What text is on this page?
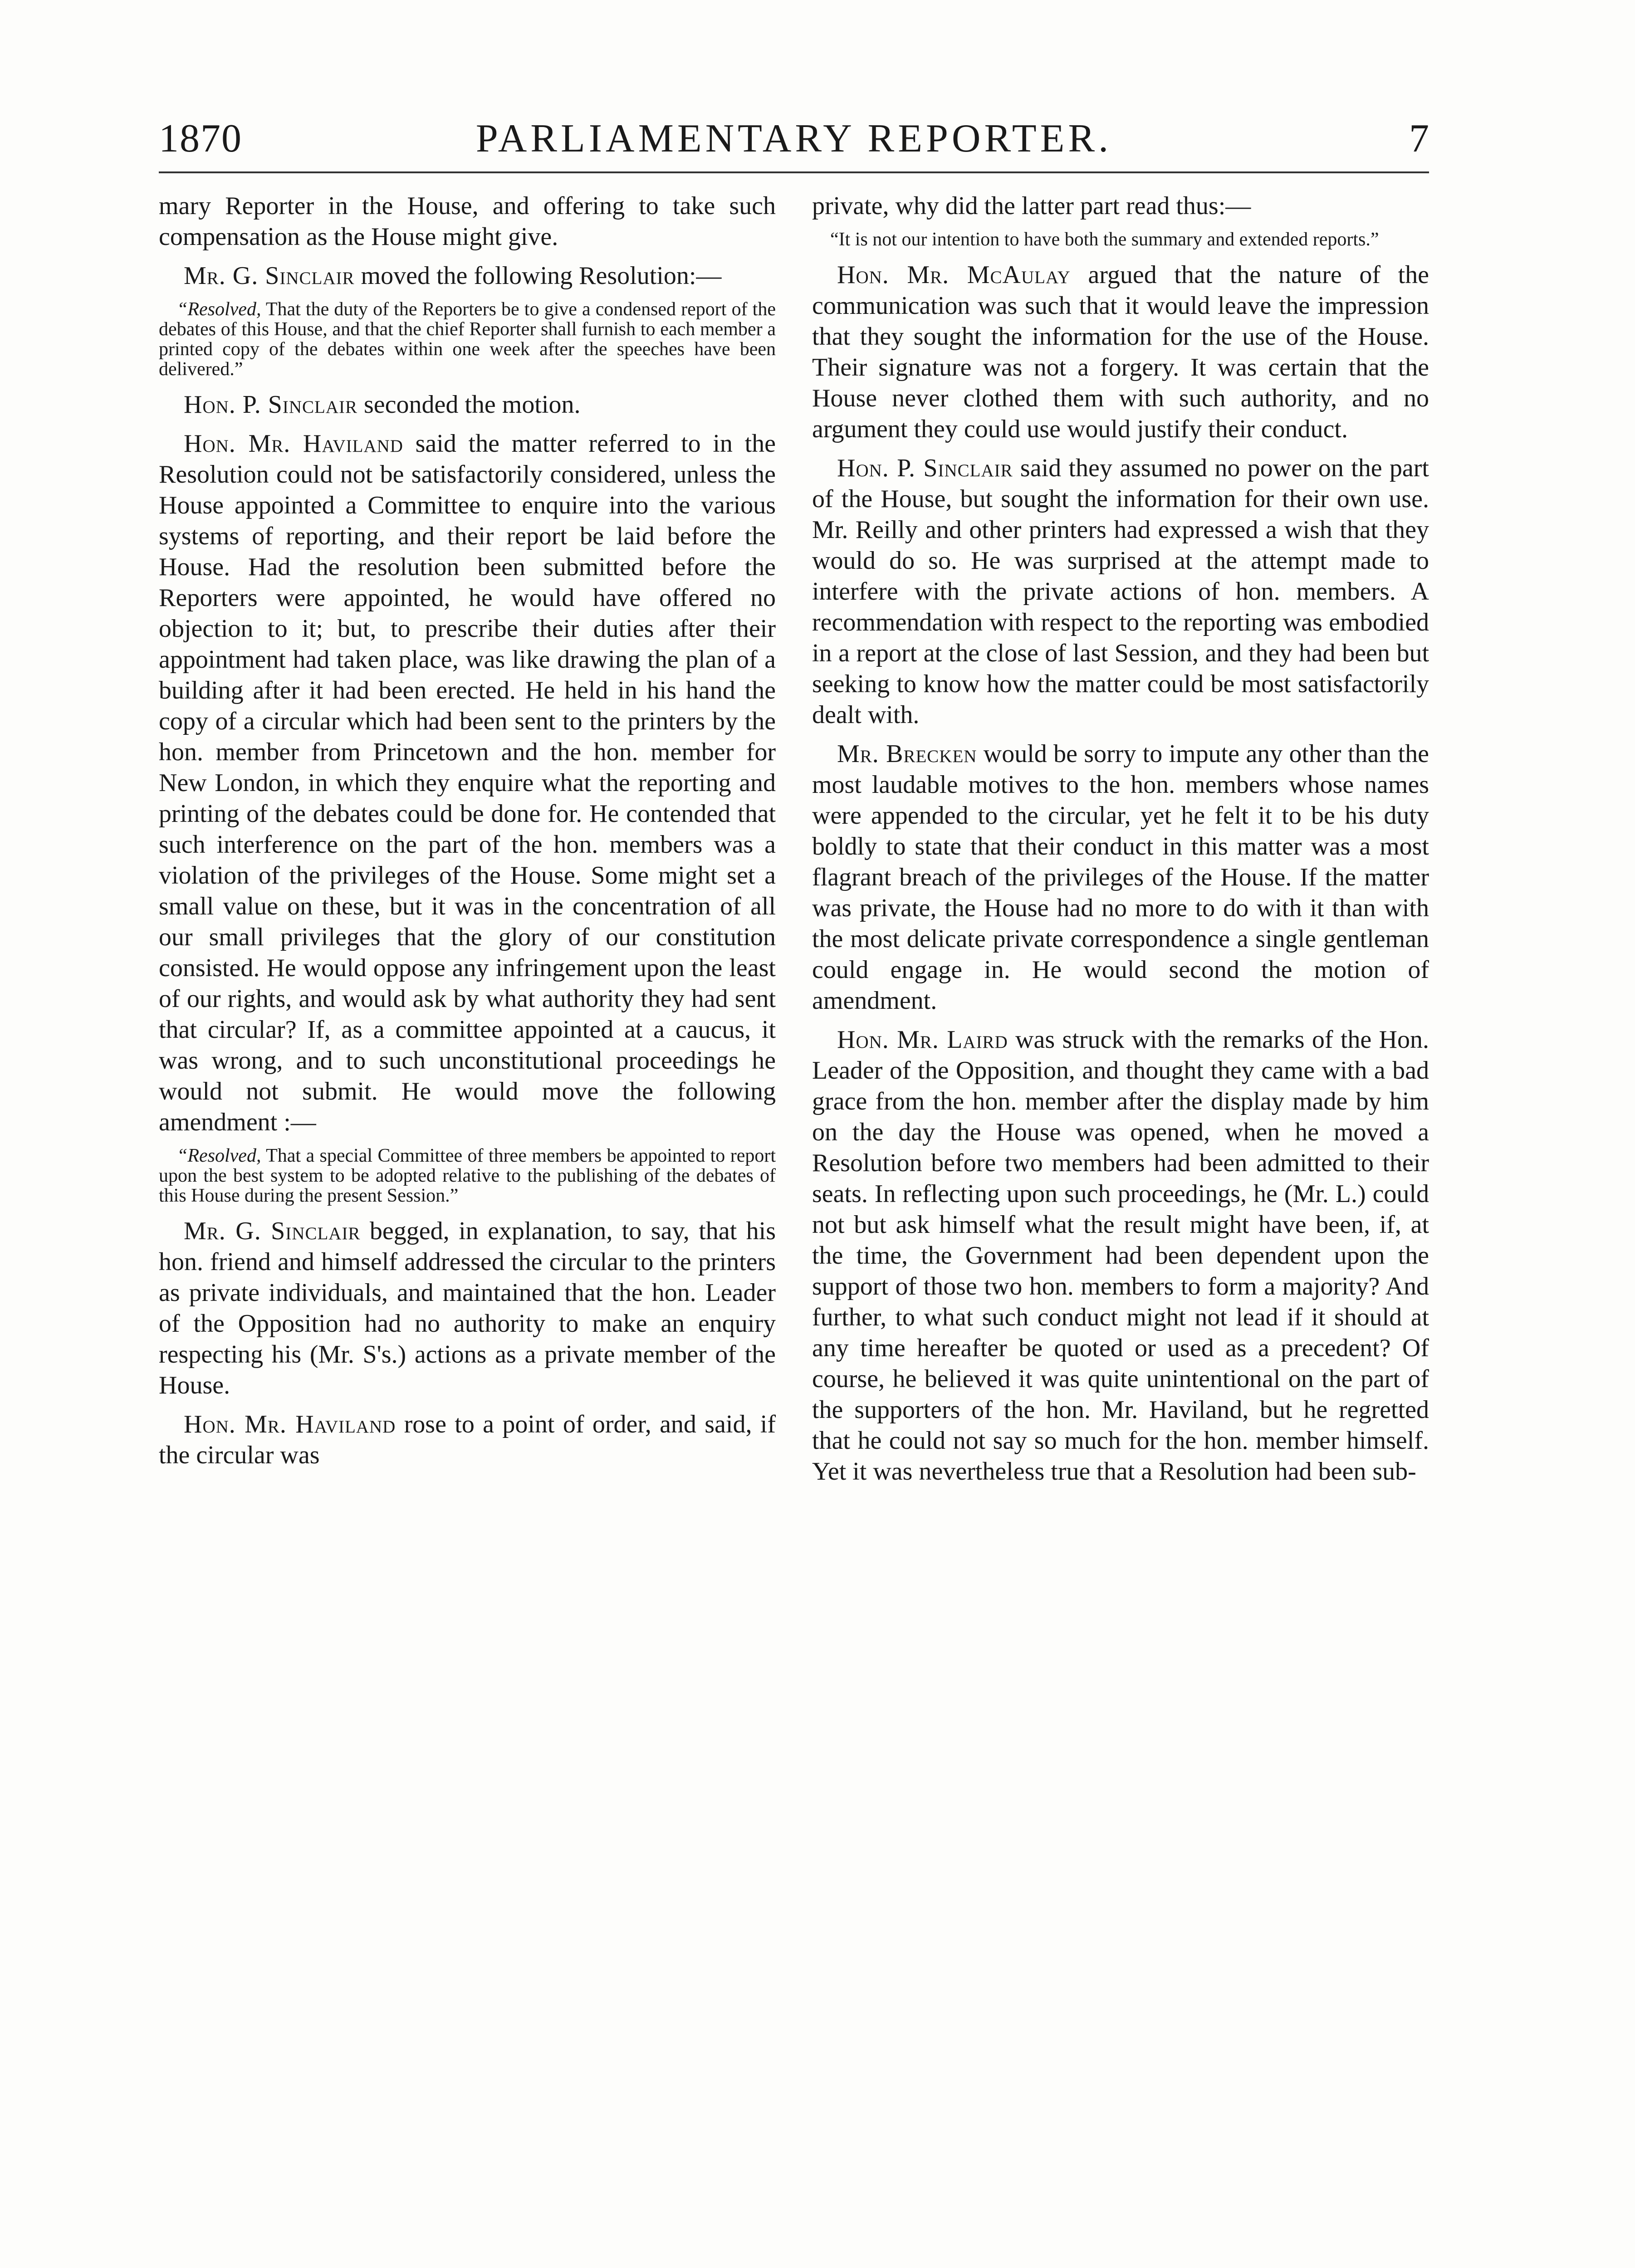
1870	PARLIAMENTARY REPORTER.	7

mary Reporter in the House, and offering to take such compensation as the House might give.

Mr. G. Sinclair moved the following Resolution:—

“Resolved, That the duty of the Reporters be to give a condensed report of the debates of this House, and that the chief Reporter shall furnish to each member a printed copy of the debates within one week after the speeches have been delivered.”

Hon. P. Sinclair seconded the motion.

Hon. Mr. Haviland said the matter referred to in the Resolution could not be satisfactorily considered, unless the House appointed a Committee to enquire into the various systems of reporting, and their report be laid before the House. Had the resolution been submitted before the Reporters were appointed, he would have offered no objection to it; but, to prescribe their duties after their appointment had taken place, was like drawing the plan of a building after it had been erected. He held in his hand the copy of a circular which had been sent to the printers by the hon. member from Princetown and the hon. member for New London, in which they enquire what the reporting and printing of the debates could be done for. He contended that such interference on the part of the hon. members was a violation of the privileges of the House. Some might set a small value on these, but it was in the concentration of all our small privileges that the glory of our constitution consisted. He would oppose any infringement upon the least of our rights, and would ask by what authority they had sent that circular? If, as a committee appointed at a caucus, it was wrong, and to such unconstitutional proceedings he would not submit. He would move the following amendment :—

“Resolved, That a special Committee of three members be appointed to report upon the best system to be adopted relative to the publishing of the debates of this House during the present Session.”

Mr. G. Sinclair begged, in explanation, to say, that his hon. friend and himself addressed the circular to the printers as private individuals, and maintained that the hon. Leader of the Opposition had no authority to make an enquiry respecting his (Mr. S's.) actions as a private member of the House.

Hon. Mr. Haviland rose to a point of order, and said, if the circular was

private, why did the latter part read thus:—

“It is not our intention to have both the summary and extended reports.”

Hon. Mr. McAulay argued that the nature of the communication was such that it would leave the impression that they sought the information for the use of the House. Their signature was not a forgery. It was certain that the House never clothed them with such authority, and no argument they could use would justify their conduct.

Hon. P. Sinclair said they assumed no power on the part of the House, but sought the information for their own use. Mr. Reilly and other printers had expressed a wish that they would do so. He was surprised at the attempt made to interfere with the private actions of hon. members. A recommendation with respect to the reporting was embodied in a report at the close of last Session, and they had been but seeking to know how the matter could be most satisfactorily dealt with.

Mr. Brecken would be sorry to impute any other than the most laudable motives to the hon. members whose names were appended to the circular, yet he felt it to be his duty boldly to state that their conduct in this matter was a most flagrant breach of the privileges of the House. If the matter was private, the House had no more to do with it than with the most delicate private correspondence a single gentleman could engage in. He would second the motion of amendment.

Hon. Mr. Laird was struck with the remarks of the Hon. Leader of the Opposition, and thought they came with a bad grace from the hon. member after the display made by him on the day the House was opened, when he moved a Resolution before two members had been admitted to their seats. In reflecting upon such proceedings, he (Mr. L.) could not but ask himself what the result might have been, if, at the time, the Government had been dependent upon the support of those two hon. members to form a majority? And further, to what such conduct might not lead if it should at any time hereafter be quoted or used as a precedent? Of course, he believed it was quite unintentional on the part of the supporters of the hon. Mr. Haviland, but he regretted that he could not say so much for the hon. member himself. Yet it was nevertheless true that a Resolution had been sub-
